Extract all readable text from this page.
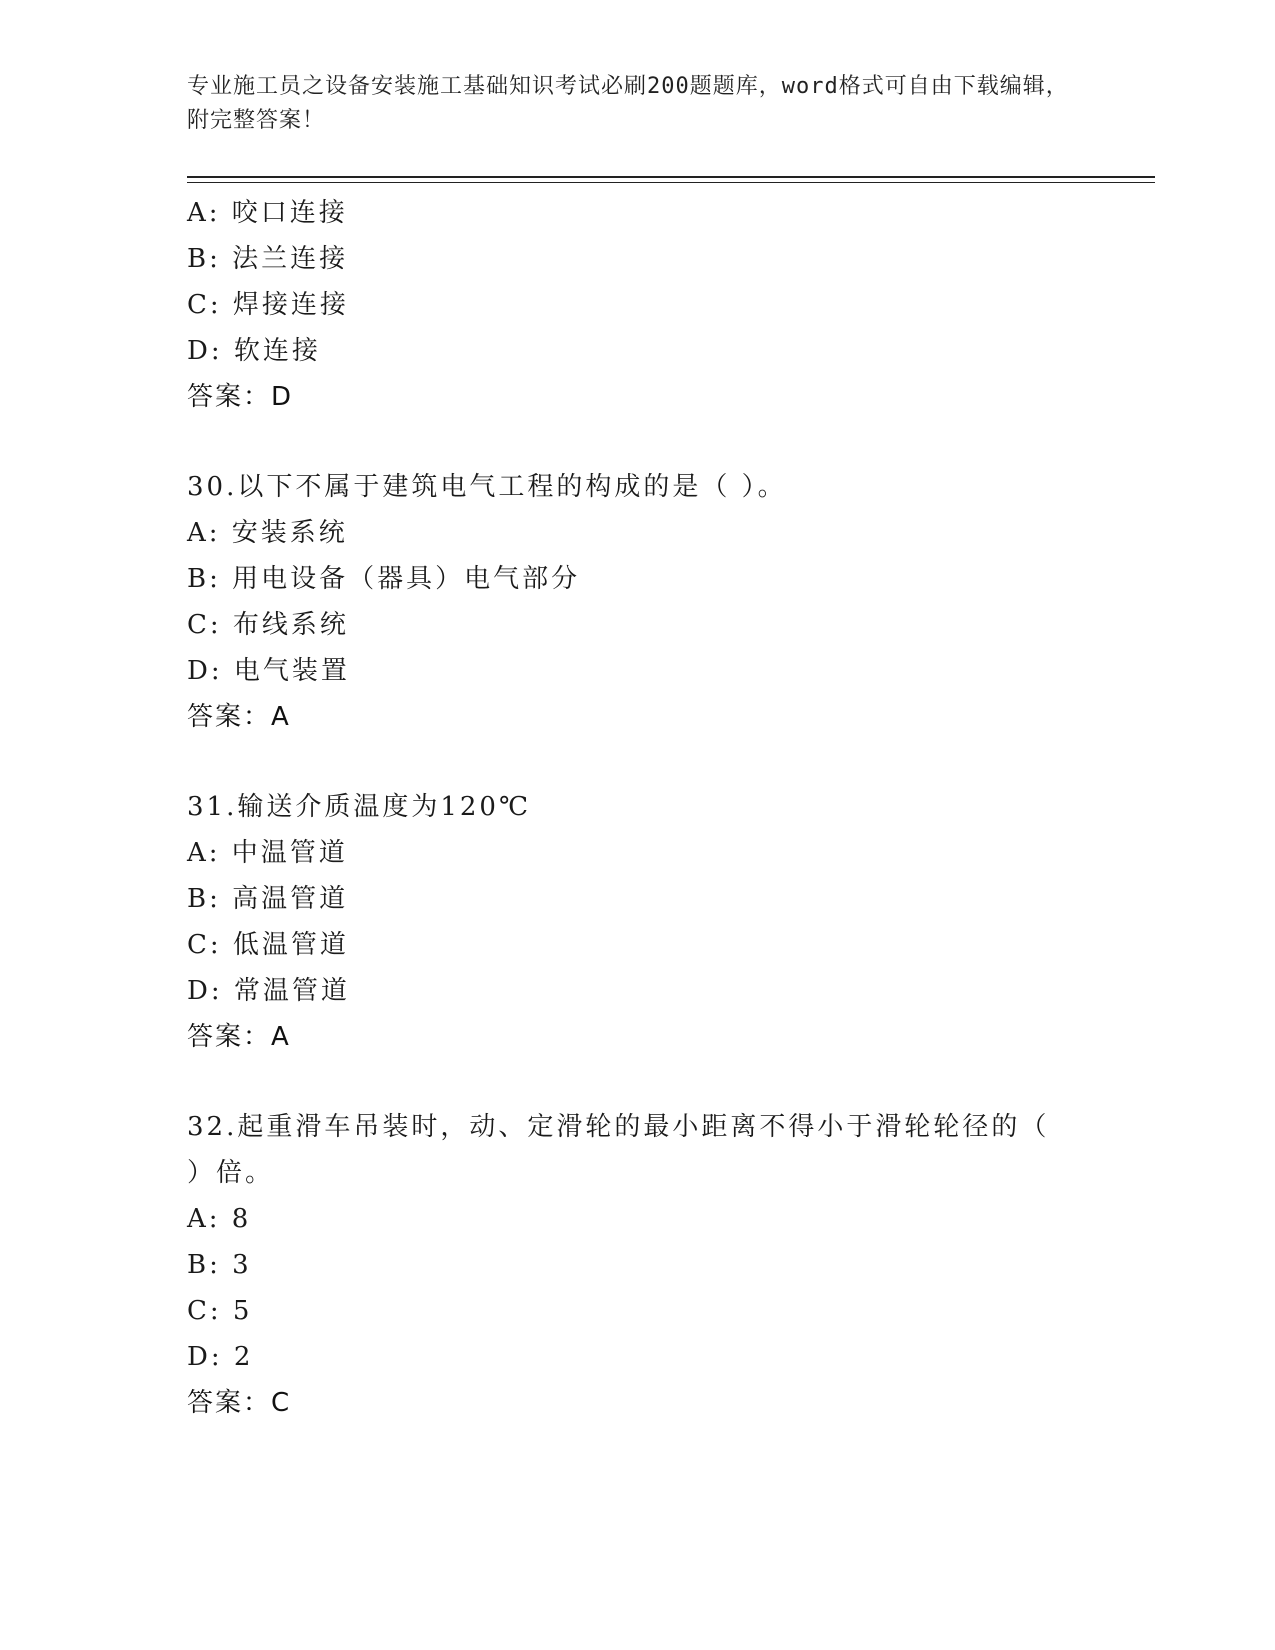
专业施工员之设备安装施工基础知识考试必刷200题题库，word格式可自由下载编辑，附完整答案！
A: 咬口连接
B: 法兰连接
C: 焊接连接
D: 软连接
答案：D
30.以下不属于建筑电气工程的构成的是（ ）。
A: 安装系统
B: 用电设备（器具）电气部分
C: 布线系统
D: 电气装置
答案：A
31.输送介质温度为120℃
A: 中温管道
B: 高温管道
C: 低温管道
D: 常温管道
答案：A
32.起重滑车吊装时，动、定滑轮的最小距离不得小于滑轮轮径的（ ）倍。
A: 8
B: 3
C: 5
D: 2
答案：C
